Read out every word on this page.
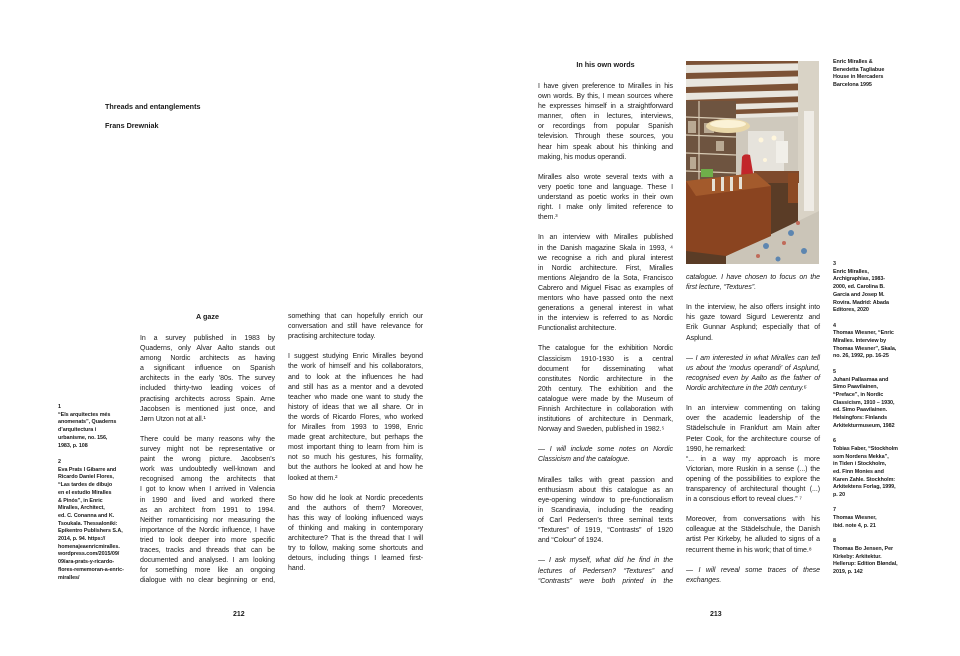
Threads and entanglements
Frans Drewniak
A gaze
In a survey published in 1983 by
Quaderns, only Alvar Aalto stands out
among Nordic architects as having
a significant influence on Spanish
architects in the early ’80s. The survey
included thirty-two leading voices of
practising architects across Spain. Arne
Jacobsen is mentioned just once, and
Jørn Utzon not at all.¹
There could be many reasons why the
survey might not be representative or
paint the wrong picture. Jacobsen’s
work was undoubtedly well-known and
recognised among the architects that
I got to know when I arrived in Valencia
in 1990 and lived and worked there
as an architect from 1991 to 1994.
Neither romanticising nor measuring the
importance of the Nordic influence, I have
tried to look deeper into more specific
traces, tracks and threads that can be
documented and analysed. I am looking
for something more like an ongoing
dialogue with no clear beginning or end,
something that can hopefully enrich our
conversation and still have relevance for
practising architecture today.
I suggest studying Enric Miralles beyond
the work of himself and his collaborators,
and to look at the influences he had
and still has as a mentor and a devoted
teacher who made one want to study the
history of ideas that we all share. Or in
the words of Ricardo Flores, who worked
for Miralles from 1993 to 1998, Enric
made great architecture, but perhaps the
most important thing to learn from him is
not so much his gestures, his formality,
but the authors he looked at and how he
looked at them.²
So how did he look at Nordic precedents
and the authors of them? Moreover,
has this way of looking influenced ways
of thinking and making in contemporary
architecture? That is the thread that I will
try to follow, making some shortcuts and
detours, including things I learned first-
hand.
1
“Els arquitectes més
anomenats”, Quaderns
d’arquitectura i
urbanisme, no. 156,
1983, p. 108
2
Eva Prats I Gibarre and
Ricardo Daniel Flores,
“Las tardes de dibujo
en el estudio Miralles
& Pinós”, in Enric
Miralles, Architect,
ed. C. Conanna and K.
Tsoukala. Thessaloniki:
Epikentro Publishers S.A,
2014, p. 94. https://
homenajeaenricmiralles.
wordpress.com/2015/09/
09/ara-prats-y-ricardo-
flores-rememoran-a-enric-
miralles/
212
In his own words
I have given preference to Miralles in his
own words. By this, I mean sources where
he expresses himself in a straightforward
manner, often in lectures, interviews,
or recordings from popular Spanish
television. Through these sources, you
hear him speak about his thinking and
making, his modus operandi.
Miralles also wrote several texts with a
very poetic tone and language. These I
understand as poetic works in their own
right. I make only limited reference to
them.³
In an interview with Miralles published
in the Danish magazine Skala in 1993, ⁴
we recognise a rich and plural interest
in Nordic architecture. First, Miralles
mentions Alejandro de la Sota, Francisco
Cabrero and Miguel Fisac as examples of
mentors who have passed onto the next
generations a general interest in what
in the interview is referred to as Nordic
Functionalist architecture.
The catalogue for the exhibition Nordic
Classicism 1910-1930 is a central
document for disseminating what
constitutes Nordic architecture in the
20th century. The exhibition and the
catalogue were made by the Museum of
Finnish Architecture in collaboration with
institutions of architecture in Denmark,
Norway and Sweden, published in 1982.⁵
— I will include some notes on Nordic
Classicism and the catalogue.
Miralles talks with great passion and
enthusiasm about this catalogue as an
eye-opening window to pre-functionalism
in Scandinavia, including the reading
of Carl Pedersen’s three seminal texts
“Textures” of 1919, “Contrasts” of 1920
and “Colour” of 1924.
— I ask myself, what did he find in the
lectures of Pedersen? “Textures” and
“Contrasts” were both printed in the
catalogue. I have chosen to focus on the
first lecture, “Textures”.
In the interview, he also offers insight into
his gaze toward Sigurd Lewerentz and
Erik Gunnar Asplund; especially that of
Asplund.
— I am interested in what Miralles can tell
us about the ‘modus operandi’ of Asplund,
recognised even by Aalto as the father of
Nordic architecture in the 20th century.⁶
In an interview commenting on taking
over the academic leadership of the
Städelschule in Frankfurt am Main after
Peter Cook, for the architecture course of
1990, he remarked:
“... in a way my approach is more
Victorian, more Ruskin in a sense (...) the
opening of the possibilities to explore the
transparency of architectural thought (...)
in a conscious effort to reveal clues.” ⁷
Moreover, from conversations with his
colleague at the Städelschule, the Danish
artist Per Kirkeby, he alluded to signs of a
recurrent theme in his work; that of time.⁸
— I will reveal some traces of these
exchanges.
Enric Miralles &
Benedetta Tagliabue
House in Mercaders
Barcelona 1995
3
Enric Miralles,
Archigraphias, 1983-
2000, ed. Carolina B.
Garcia and Josep M.
Rovira. Madrid: Abada
Editores, 2020
4
Thomas Wiesner, “Enric
Miralles. Interview by
Thomas Wiesner”, Skala,
no. 26, 1992, pp. 16-25
5
Juhani Pallasmaa and
Simo Paavilainen,
“Preface”, in Nordic
Classicism, 1910 – 1930,
ed. Simo Paavilainen.
Helsingfors: Finlands
Arkitekturmuseum, 1982
6
Tobias Faber, “Stockholm
som Nordens Mekka”,
in Tiden i Stockholm,
ed. Finn Monies and
Karen Zahle. Stockholm:
Arkitektens Forlag, 1999,
p. 20
7
Thomas Wiesner,
ibid. note 4, p. 21
8
Thomas Bo Jensen, Per
Kirkeby: Arkitektur.
Hellerup: Edition Bløndal,
2019, p. 142
213
